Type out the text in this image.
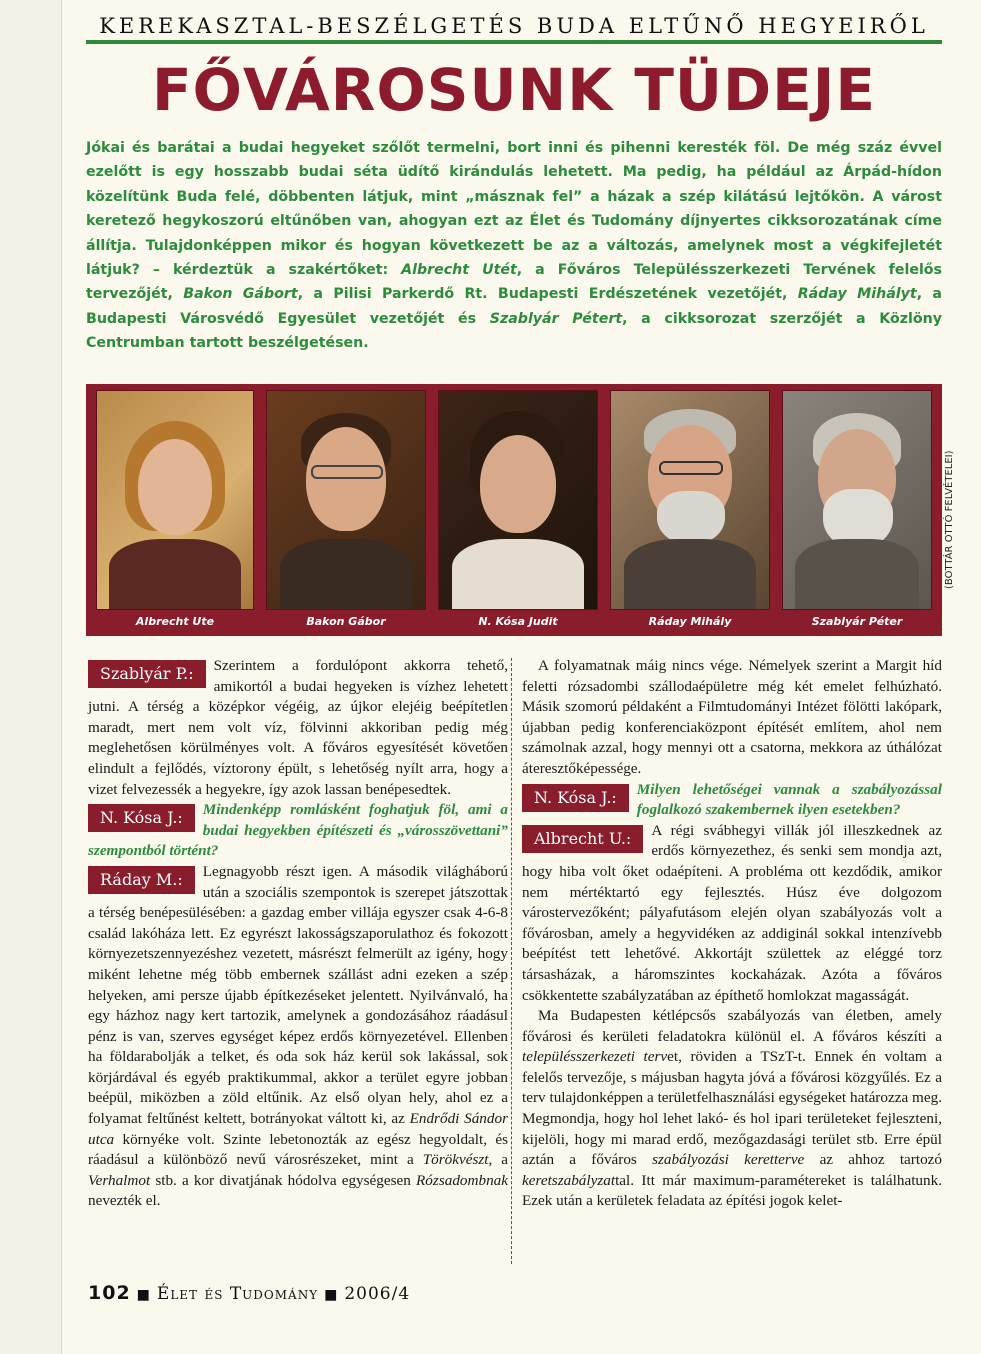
KEREKASZTAL-BESZÉLGETÉS BUDA ELTŰNŐ HEGYEIRŐL
FŐVÁROSUNK TÜDEJE
Jókai és barátai a budai hegyeket szőlőt termelni, bort inni és pihenni keresték föl. De még száz évvel ezelőtt is egy hosszabb budai séta üdítő kirándulás lehetett. Ma pedig, ha például az Árpád-hídon közelítünk Buda felé, döbbenten látjuk, mint „másznak fel” a házak a szép kilátású lejtőkön. A várost keretező hegykoszorú eltűnőben van, ahogyan ezt az Élet és Tudomány díjnyertes cikksorozatának címe állítja. Tulajdonképpen mikor és hogyan következett be az a változás, amelynek most a végkifejletét látjuk? – kérdeztük a szakértőket: Albrecht Utét, a Főváros Településszerkezeti Tervének felelős tervezőjét, Bakon Gábort, a Pilisi Parkerdő Rt. Budapesti Erdészetének vezetőjét, Ráday Mihályt, a Budapesti Városvédő Egyesület vezetőjét és Szablyár Pétert, a cikksorozat szerzőjét a Közlöny Centrumban tartott beszélgetésen.
Albrecht Ute	Bakon Gábor	N. Kósa Judit	Ráday Mihály	Szablyár Péter
(BOTTÁR OTTÓ FELVÉTELEI)

Szablyár P.:	Szerintem a fordulópont akkorra tehető, amikortól a budai hegyeken is vízhez lehetett jutni. A térség a középkor végéig, az újkor elejéig beépítetlen maradt, mert nem volt víz, fölvinni akkoriban pedig még meglehetősen körülményes volt. A főváros egyesítését követően elindult a fejlődés, víztorony épült, s lehetőség nyílt arra, hogy a vizet felvezessék a hegyekre, így azok lassan benépesedtek.

N. Kósa J.:	Mindenképp romlásként foghatjuk föl, ami a budai hegyekben építészeti és „városszövettani” szempontból történt?

Ráday M.:	Legnagyobb részt igen. A második világháború után a szociális szempontok is szerepet játszottak a térség benépesülésében: a gazdag ember villája egyszer csak 4-6-8 család lakóháza lett. Ez egyrészt lakosságszaporulathoz és fokozott környezetszennyezéshez vezetett, másrészt felmerült az igény, hogy miként lehetne még több embernek szállást adni ezeken a szép helyeken, ami persze újabb építkezéseket jelentett. Nyilvánvaló, ha egy házhoz nagy kert tartozik, amelynek a gondozásához ráadásul pénz is van, szerves egységet képez erdős környezetével. Ellenben ha földarabolják a telket, és oda sok ház kerül sok lakással, sok körjárdával és egyéb praktikummal, akkor a terület egyre jobban beépül, miközben a zöld eltűnik. Az első olyan hely, ahol ez a folyamat feltűnést keltett, botrányokat váltott ki, az Endrődi Sándor utca környéke volt. Szinte lebetonozták az egész hegyoldalt, és ráadásul a különböző nevű városrészeket, mint a Törökvészt, a Verhalmot stb. a kor divatjának hódolva egységesen Rózsadombnak nevezték el.

A folyamatnak máig nincs vége. Némelyek szerint a Margit híd feletti rózsadombi szállodaépületre még két emelet felhúzható. Másik szomorú példaként a Filmtudományi Intézet fölötti lakópark, újabban pedig konferenciaközpont építését említem, ahol nem számolnak azzal, hogy mennyi ott a csatorna, mekkora az úthálózat áteresztőképessége.

N. Kósa J.:	Milyen lehetőségei vannak a szabályozással foglalkozó szakembernek ilyen esetekben?

Albrecht U.:	A régi svábhegyi villák jól illeszkednek az erdős környezethez, és senki sem mondja azt, hogy hiba volt őket odaépíteni. A probléma ott kezdődik, amikor nem mértéktartó egy fejlesztés. Húsz éve dolgozom várostervezőként; pályafutásom elején olyan szabályozás volt a fővárosban, amely a hegyvidéken az addiginál sokkal intenzívebb beépítést tett lehetővé. Akkortájt születtek az eléggé torz társasházak, a háromszintes kockaházak. Azóta a főváros csökkentette szabályzatában az építhető homlokzat magasságát.

Ma Budapesten kétlépcsős szabályozás van életben, amely fővárosi és kerületi feladatokra különül el. A főváros készíti a településszerkezeti tervet, röviden a TSzT-t. Ennek én voltam a felelős tervezője, s májusban hagyta jóvá a fővárosi közgyűlés. Ez a terv tulajdonképpen a területfelhasználási egységeket határozza meg. Megmondja, hogy hol lehet lakó- és hol ipari területeket fejleszteni, kijelöli, hogy mi marad erdő, mezőgazdasági terület stb. Erre épül aztán a főváros szabályozási keretterve az ahhoz tartozó keretszabályzattal. Itt már maximum-paramétereket is találhatunk. Ezek után a kerületek feladata az építési jogok kelet-

102 ■ Élet és Tudomány ■ 2006/4
